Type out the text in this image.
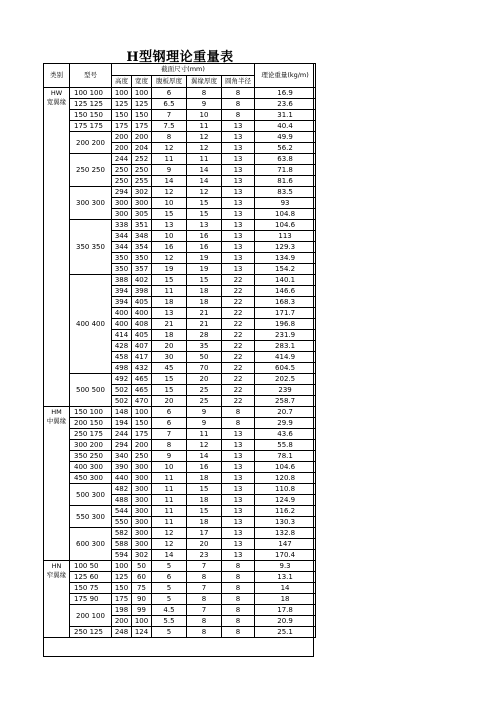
H型钢理论重量表
类别	型号	截面尺寸(mm)					理论重量(kg/m)
		高度	宽度	腹板厚度	翼缘厚度	圆角半径	

HW
宽翼缘	100 100	100	100	6	8	8	16.9
	125 125	125	125	6.5	9	8	23.6
	150 150	150	150	7	10	8	31.1
	175 175	175	175	7.5	11	13	40.4
	200 200	200	200	8	12	13	49.9
		200	204	12	12	13	56.2
	250 250	244	252	11	11	13	63.8
		250	250	9	14	13	71.8
		250	255	14	14	13	81.6
	300 300	294	302	12	12	13	83.5
		300	300	10	15	13	93
		300	305	15	15	13	104.8
	350 350	338	351	13	13	13	104.6
		344	348	10	16	13	113
		344	354	16	16	13	129.3
		350	350	12	19	13	134.9
		350	357	19	19	13	154.2
	400 400	388	402	15	15	22	140.1
		394	398	11	18	22	146.6
		394	405	18	18	22	168.3
		400	400	13	21	22	171.7
		400	408	21	21	22	196.8
		414	405	18	28	22	231.9
		428	407	20	35	22	283.1
		458	417	30	50	22	414.9
		498	432	45	70	22	604.5
	500 500	492	465	15	20	22	202.5
		502	465	15	25	22	239
		502	470	20	25	22	258.7

HM
中翼缘	150 100	148	100	6	9	8	20.7
	200 150	194	150	6	9	8	29.9
	250 175	244	175	7	11	13	43.6
	300 200	294	200	8	12	13	55.8
	350 250	340	250	9	14	13	78.1
	400 300	390	300	10	16	13	104.6
	450 300	440	300	11	18	13	120.8
	500 300	482	300	11	15	13	110.8
		488	300	11	18	13	124.9
	550 300	544	300	11	15	13	116.2
		550	300	11	18	13	130.3
	600 300	582	300	12	17	13	132.8
		588	300	12	20	13	147
		594	302	14	23	13	170.4

HN
窄翼缘	100 50	100	50	5	7	8	9.3
	125 60	125	60	6	8	8	13.1
	150 75	150	75	5	7	8	14
	175 90	175	90	5	8	8	18
	200 100	198	99	4.5	7	8	17.8
		200	100	5.5	8	8	20.9
	250 125	248	124	5	8	8	25.1
